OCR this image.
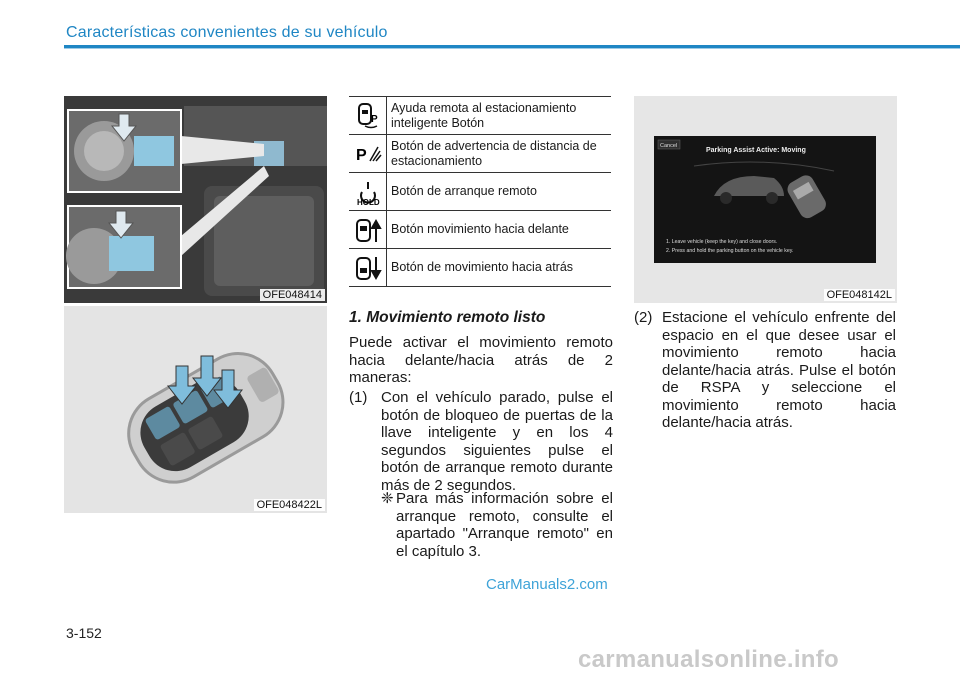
Características convenientes de su vehículo
OFE048414
OFE048422L
P
Ayuda remota al estacionamiento inteligente Botón
P
Botón de advertencia de distancia de estacionamiento
HOLD
Botón de arranque remoto
Botón movimiento hacia delante
Botón de movimiento hacia atrás
Cancel
Parking Assist Active: Moving
1. Leave vehicle (keep the key) and close doors.
2. Press and hold the parking button on the vehicle key.
OFE048142L
1. Movimiento remoto listo
Puede activar el movimiento remoto hacia delante/hacia atrás de 2 maneras:
(1) Con el vehículo parado, pulse el botón de bloqueo de puertas de la llave inteligente y en los 4 segundos siguientes pulse el botón de arranque remoto durante más de 2 segundos.
❈ Para más información sobre el arranque remoto, consulte el apartado "Arranque remoto" en el capítulo 3.
(2) Estacione el vehículo enfrente del espacio en el que desee usar el movimiento remoto hacia delante/hacia atrás. Pulse el botón de RSPA y seleccione el movimiento remoto hacia delante/hacia atrás.
CarManuals2.com
3-152
carmanualsonline.info
